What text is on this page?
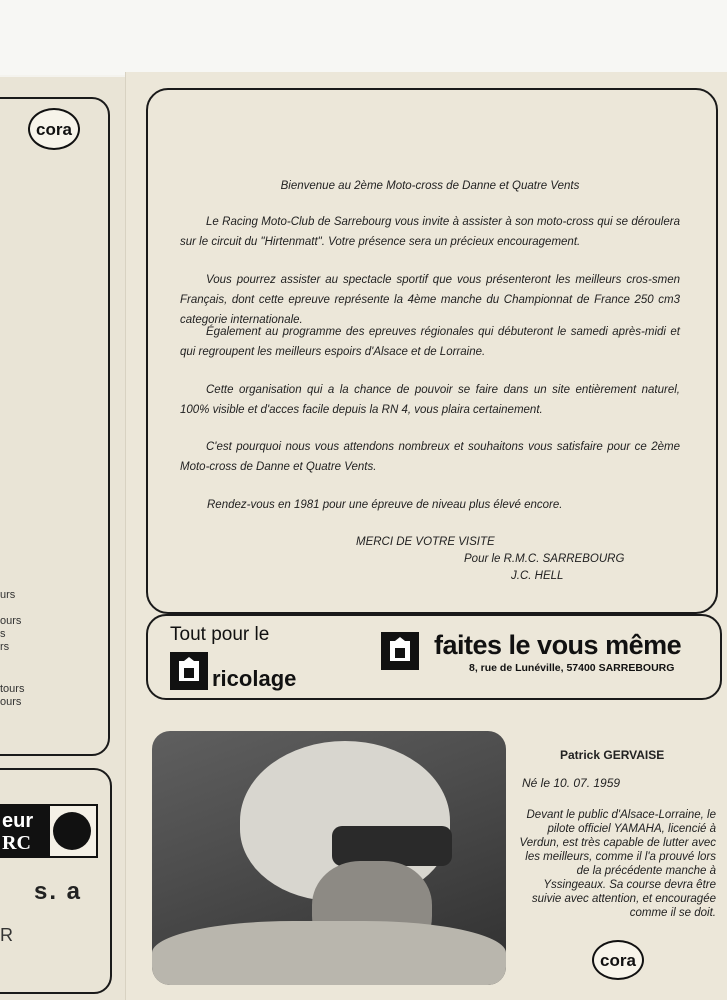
cora
urs
ours
s
rs
tours
ours
eur
RC
s. a
R
Bienvenue au 2ème Moto-cross de Danne et Quatre Vents
Le Racing Moto-Club de Sarrebourg vous invite à assister à son moto-cross qui se déroulera sur le circuit du "Hirtenmatt". Votre présence sera un précieux encouragement.
Vous pourrez assister au spectacle sportif que vous présenteront les meilleurs cros-smen Français, dont cette epreuve représente la 4ème manche du Championnat de France 250 cm3 categorie internationale.
Également au programme des epreuves régionales qui débuteront le samedi après-midi et qui regroupent les meilleurs espoirs d'Alsace et de Lorraine.
Cette organisation qui a la chance de pouvoir se faire dans un site entièrement naturel, 100% visible et d'acces facile depuis la RN 4, vous plaira certainement.
C'est pourquoi nous vous attendons nombreux et souhaitons vous satisfaire pour ce 2ème Moto-cross de Danne et Quatre Vents.
Rendez-vous en 1981 pour une épreuve de niveau plus élevé encore.
MERCI DE VOTRE VISITE
Pour le R.M.C. SARREBOURG
J.C. HELL
Tout pour le
ricolage
faites le vous même
8, rue de Lunéville, 57400 SARREBOURG
Patrick GERVAISE
Né le 10. 07. 1959
Devant le public d'Alsace-Lorraine, le pilote officiel YAMAHA, licencié à Verdun, est très capable de lutter avec les meilleurs, comme il l'a prouvé lors de la précédente manche à Yssingeaux. Sa course devra être suivie avec attention, et encouragée comme il se doit.
cora
